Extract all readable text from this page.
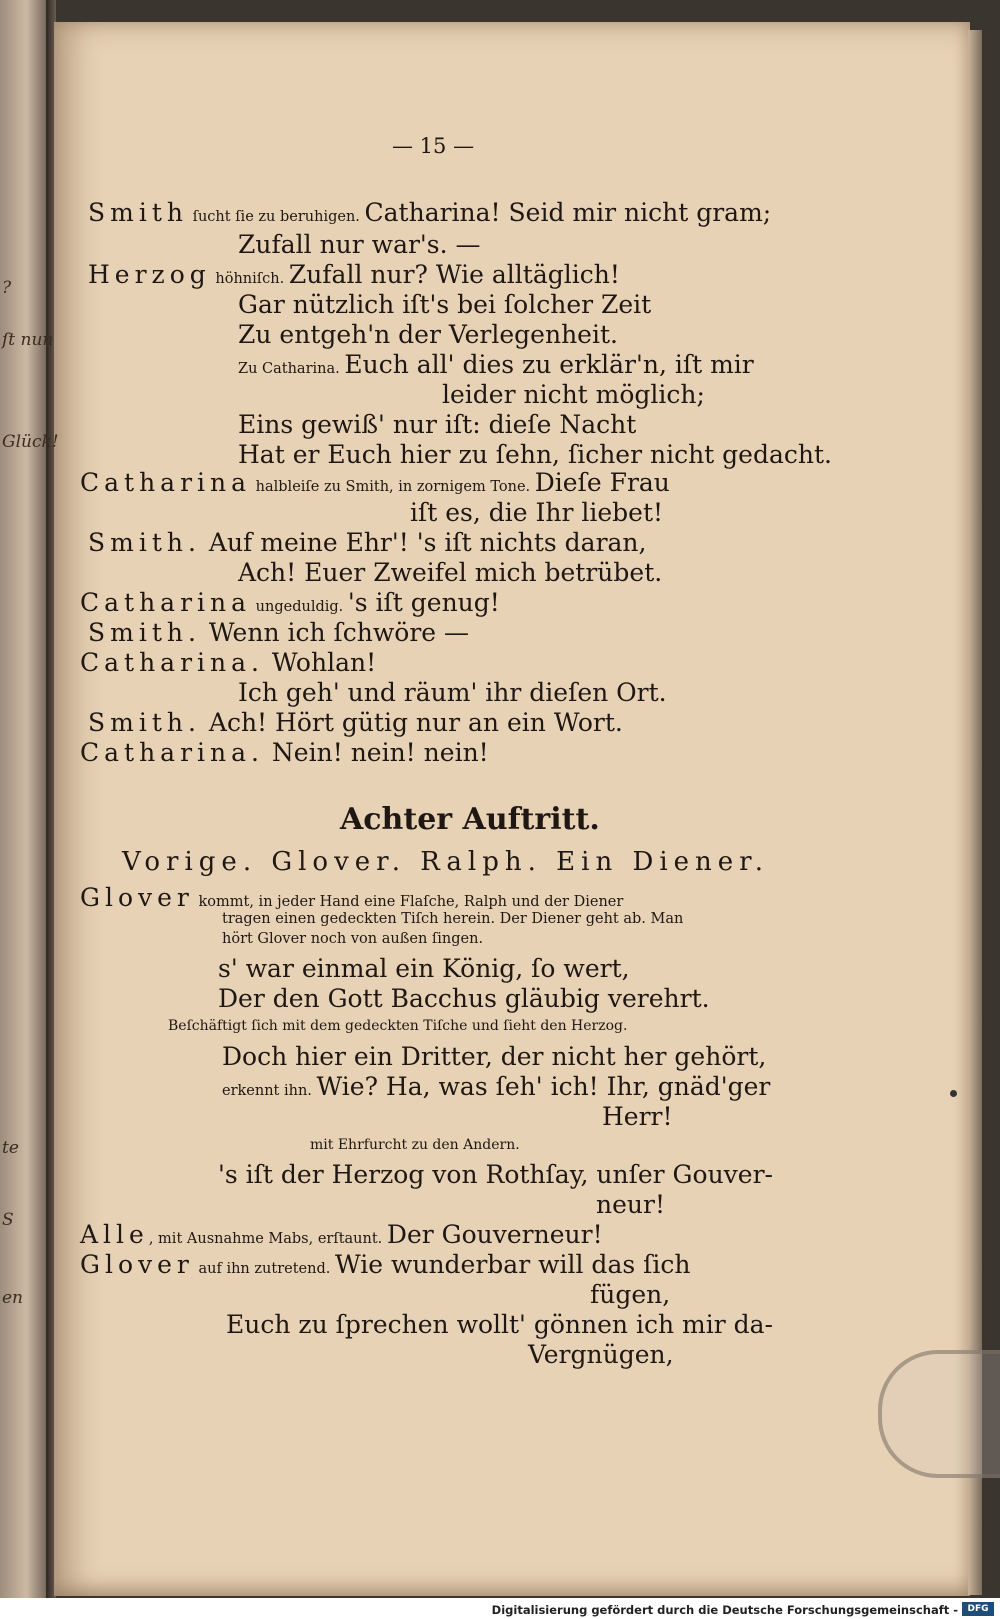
?
ſt nun
Glück!
te
S
en
— 15 —
Smith ſucht ſie zu beruhigen. Catharina! Seid mir nicht gram;
Zufall nur war's. —
Herzog höhniſch. Zufall nur? Wie alltäglich!
Gar nützlich iſt's bei ſolcher Zeit
Zu entgeh'n der Verlegenheit.
Zu Catharina. Euch all' dies zu erklär'n, iſt mir
leider nicht möglich;
Eins gewiß' nur iſt: dieſe Nacht
Hat er Euch hier zu ſehn, ſicher nicht gedacht.
Catharina halbleiſe zu Smith, in zornigem Tone. Dieſe Frau
iſt es, die Ihr liebet!
Smith. Auf meine Ehr'! 's iſt nichts daran,
Ach! Euer Zweifel mich betrübet.
Catharina ungeduldig. 's iſt genug!
Smith. Wenn ich ſchwöre —
Catharina. Wohlan!
Ich geh' und räum' ihr dieſen Ort.
Smith. Ach! Hört gütig nur an ein Wort.
Catharina. Nein! nein! nein!
Achter Auftritt.
Vorige. Glover. Ralph. Ein Diener.
Glover kommt, in jeder Hand eine Flaſche, Ralph und der Diener
tragen einen gedeckten Tiſch herein. Der Diener geht ab. Man
hört Glover noch von außen ſingen.
s' war einmal ein König, ſo wert,
Der den Gott Bacchus gläubig verehrt.
Beſchäftigt ſich mit dem gedeckten Tiſche und ſieht den Herzog.
Doch hier ein Dritter, der nicht her gehört,
erkennt ihn. Wie? Ha, was ſeh' ich! Ihr, gnäd'ger
Herr!
mit Ehrfurcht zu den Andern.
's iſt der Herzog von Rothſay, unſer Gouver-
neur!
Alle, mit Ausnahme Mabs, erſtaunt. Der Gouverneur!
Glover auf ihn zutretend. Wie wunderbar will das ſich
fügen,
Euch zu ſprechen wollt' gönnen ich mir da-
Vergnügen,
Digitalisierung gefördert durch die Deutsche Forschungsgemeinschaft -	DFG
